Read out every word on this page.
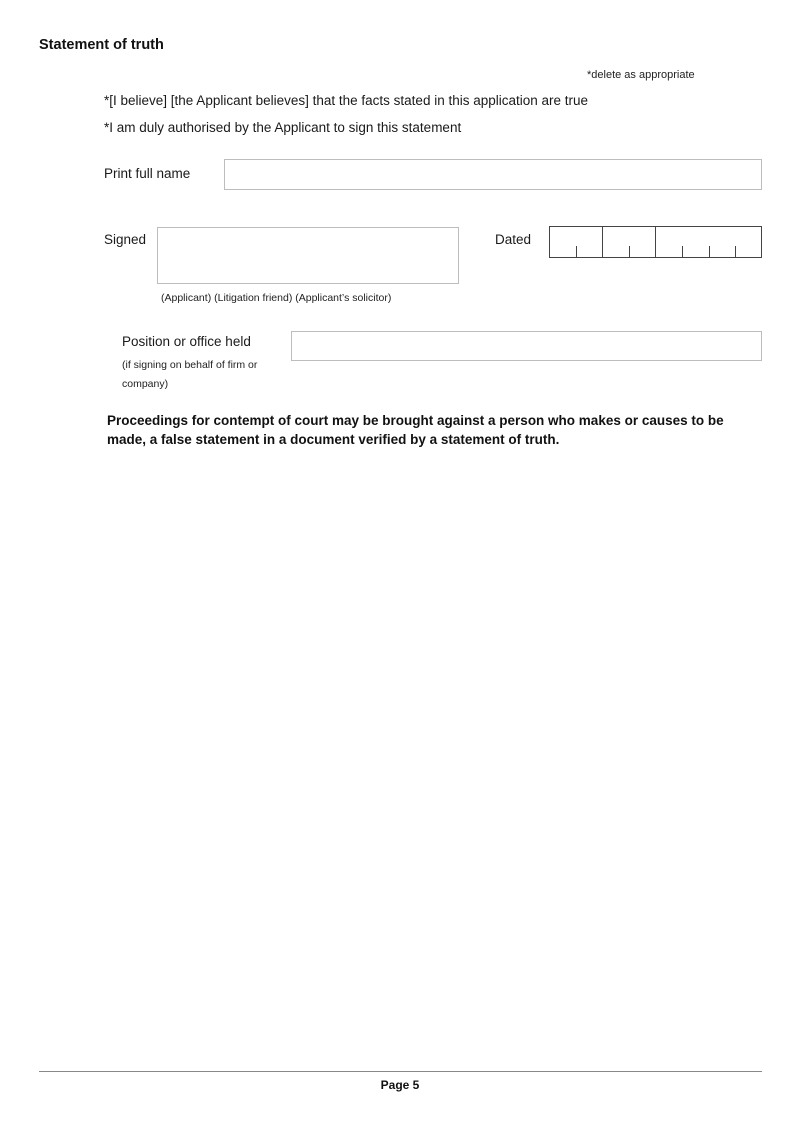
Statement of truth
*delete as appropriate
*[I believe] [the Applicant believes] that the facts stated in this application are true
*I am duly authorised by the Applicant to sign this statement
Print full name
Signed	Dated
(Applicant) (Litigation friend) (Applicant’s solicitor)
Position or office held
(if signing on behalf of firm or company)
Proceedings for contempt of court may be brought against a person who makes or causes to be made, a false statement in a document verified by a statement of truth.
Page 5
